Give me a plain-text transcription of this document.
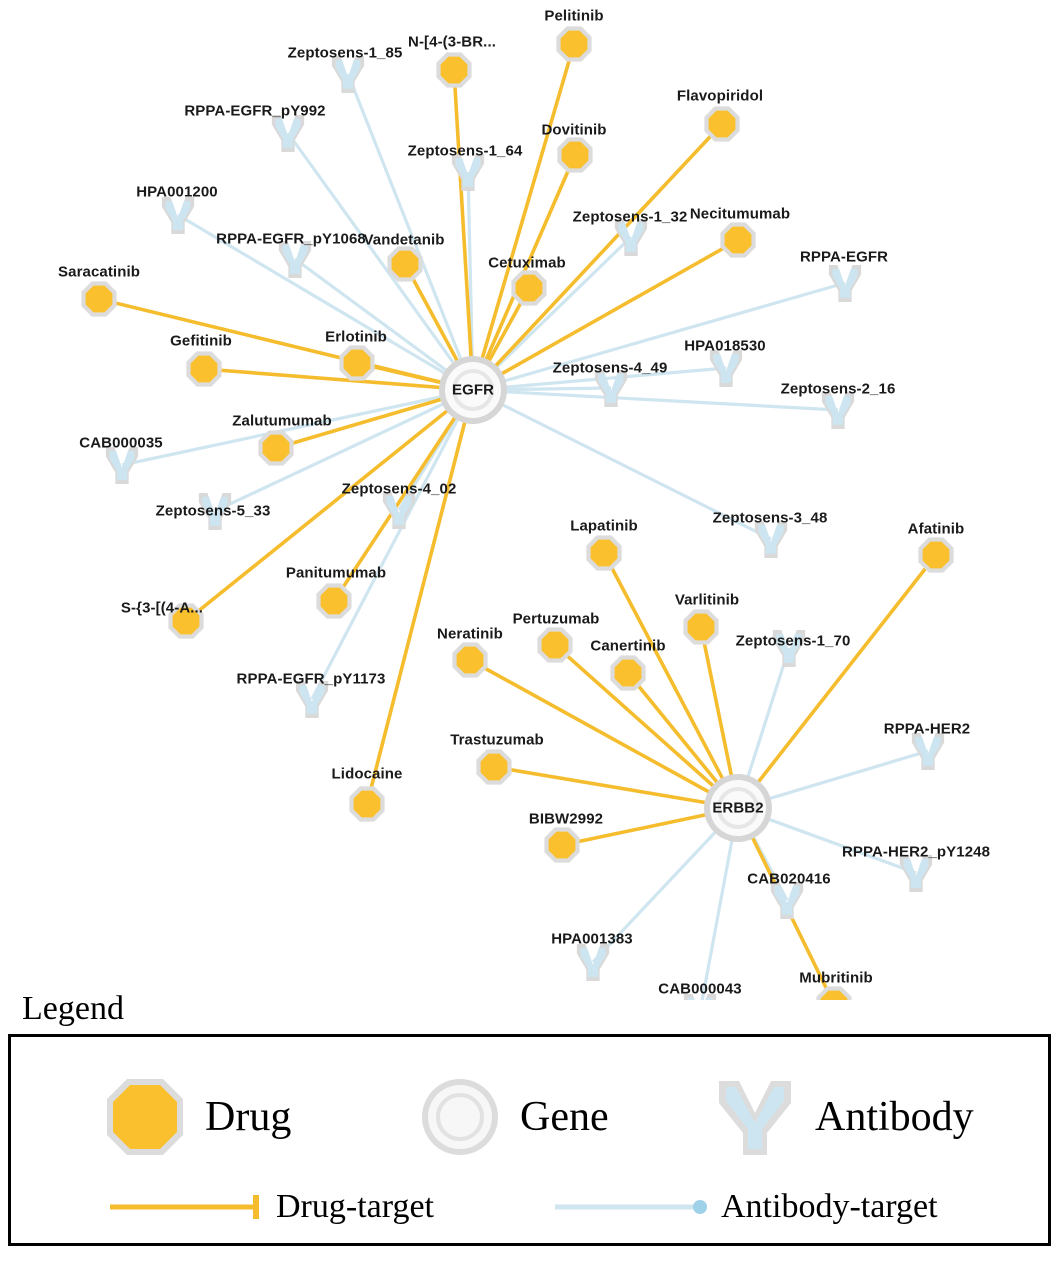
Zeptosens-1_85
RPPA-EGFR_pY992
Zeptosens-1_64
HPA001200
Zeptosens-1_32
RPPA-EGFR_pY1068
RPPA-EGFR
HPA018530
Zeptosens-4_49
Zeptosens-2_16
CAB000035
Zeptosens-5_33
Zeptosens-4_02
Zeptosens-3_48
Zeptosens-1_70
RPPA-EGFR_pY1173
RPPA-HER2
RPPA-HER2_pY1248
CAB020416
HPA001383
CAB000043
Pelitinib
N-[4-(3-BR...
Flavopiridol
Dovitinib
Necitumumab
Vandetanib
Cetuximab
Saracatinib
Gefitinib	Erlotinib
Zalutumumab
Afatinib
Lapatinib
Varlitinib
Panitumumab
S-{3-[(4-A...
Pertuzumab
Neratinib
Canertinib
Trastuzumab
Lidocaine
BIBW2992
Mubritinib
EGFR
ERBB2
Legend
Drug	Gene	Antibody
Drug-target	Antibody-target
